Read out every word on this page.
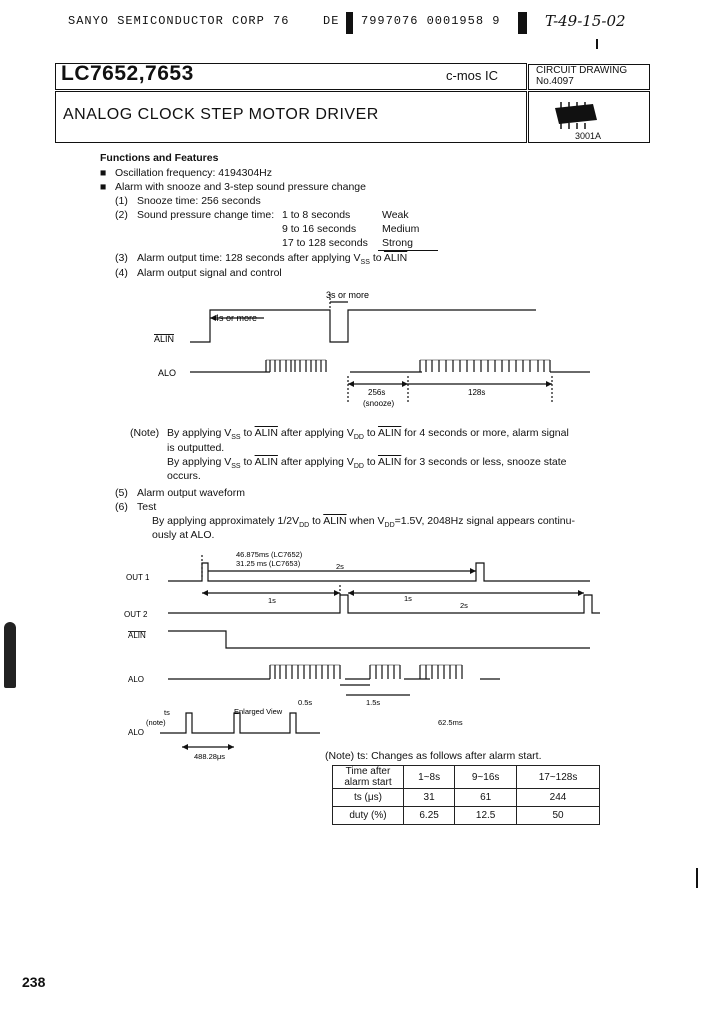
SANYO SEMICONDUCTOR CORP 76	DE 7997076 0001958 9	T-49-15-02
LC7652,7653	c-mos IC	CIRCUIT DRAWING
No.4097
ANALOG CLOCK STEP MOTOR DRIVER
3001A
Functions and Features
■ Oscillation frequency: 4194304Hz
■ Alarm with snooze and 3-step sound pressure change
(1) Snooze time: 256 seconds
(2) Sound pressure change time: 1 to 8 seconds	Weak
9 to 16 seconds Medium
17 to 128 seconds Strong
(3) Alarm output time: 128 seconds after applying $V_{SS}$ to ALIN
(4) Alarm output signal and control
ALIN
ALO
4s or more
3s or more
256s
(snooze)
128s
(Note) By applying $V_{SS}$ to ALIN after applying $V_{DD}$ to ALIN for 4 seconds or more, alarm signal
is outputted.
By applying $V_{SS}$ to ALIN after applying $V_{DD}$ to ALIN for 3 seconds or less, snooze state
occurs.
(5) Alarm output waveform
(6) Test
By applying approximately $1/2V_{DD}$ to ALIN when $V_{DD}=1.5V$, 2048Hz signal appears continu-
ously at ALO.
OUT 1
OUT 2
ALIN
ALO
ALO
46.875ms (LC7652)
31.25 ms (LC7653)	2s
1s	1s
2s
0.5s	1.5s
62.5ms
ts
(note)
Enlarged View
488.28μs	(Note) ts: Changes as follows after alarm start.
Time after
alarm start	1~8s	9~16s	17~128s
ts (μs)	31	61	244
duty (%)	6.25	12.5	50
238
